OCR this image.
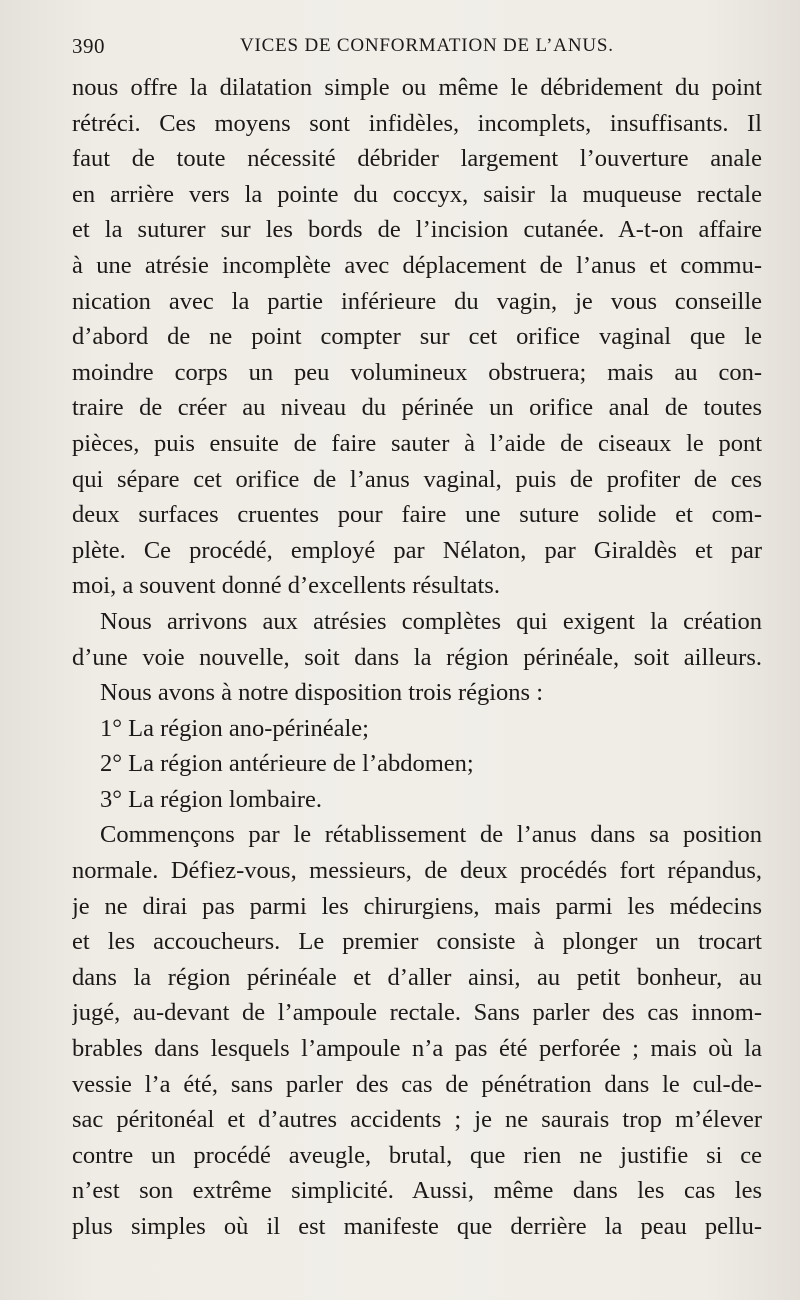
390	VICES DE CONFORMATION DE L’ANUS.
nous offre la dilatation simple ou même le débridement du point
rétréci. Ces moyens sont infidèles, incomplets, insuffisants. Il
faut de toute nécessité débrider largement l’ouverture anale
en arrière vers la pointe du coccyx, saisir la muqueuse rectale
et la suturer sur les bords de l’incision cutanée. A-t-on affaire
à une atrésie incomplète avec déplacement de l’anus et commu-
nication avec la partie inférieure du vagin, je vous conseille
d’abord de ne point compter sur cet orifice vaginal que le
moindre corps un peu volumineux obstruera; mais au con-
traire de créer au niveau du périnée un orifice anal de toutes
pièces, puis ensuite de faire sauter à l’aide de ciseaux le pont
qui sépare cet orifice de l’anus vaginal, puis de profiter de ces
deux surfaces cruentes pour faire une suture solide et com-
plète. Ce procédé, employé par Nélaton, par Giraldès et par
moi, a souvent donné d’excellents résultats.
Nous arrivons aux atrésies complètes qui exigent la création
d’une voie nouvelle, soit dans la région périnéale, soit ailleurs.
Nous avons à notre disposition trois régions :
1° La région ano-périnéale;
2° La région antérieure de l’abdomen;
3° La région lombaire.
Commençons par le rétablissement de l’anus dans sa position
normale. Défiez-vous, messieurs, de deux procédés fort répandus,
je ne dirai pas parmi les chirurgiens, mais parmi les médecins
et les accoucheurs. Le premier consiste à plonger un trocart
dans la région périnéale et d’aller ainsi, au petit bonheur, au
jugé, au-devant de l’ampoule rectale. Sans parler des cas innom-
brables dans lesquels l’ampoule n’a pas été perforée ; mais où la
vessie l’a été, sans parler des cas de pénétration dans le cul-de-
sac péritonéal et d’autres accidents ; je ne saurais trop m’élever
contre un procédé aveugle, brutal, que rien ne justifie si ce
n’est son extrême simplicité. Aussi, même dans les cas les
plus simples où il est manifeste que derrière la peau pellu-
